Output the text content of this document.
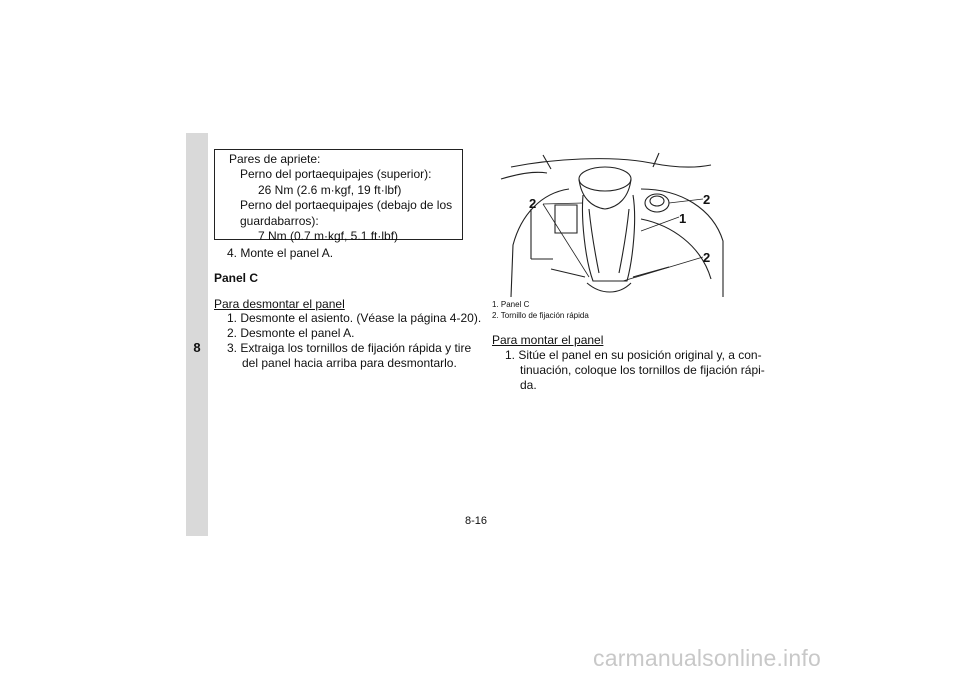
8
Pares de apriete:
Perno del portaequipajes (superior):
26 Nm (2.6 m·kgf, 19 ft·lbf)
Perno del portaequipajes (debajo de los
guardabarros):
7 Nm (0.7 m·kgf, 5.1 ft·lbf)
4. Monte el panel A.
Panel C
Para desmontar el panel
1. Desmonte el asiento. (Véase la página 4-20).
2. Desmonte el panel A.
3. Extraiga los tornillos de fijación rápida y tire
del panel hacia arriba para desmontarlo.
2	2
1
2
1. Panel C
2. Tornillo de fijación rápida
Para montar el panel
1. Sitúe el panel en su posición original y, a con-
tinuación, coloque los tornillos de fijación rápi-
da.
8-16
carmanualsonline.info
